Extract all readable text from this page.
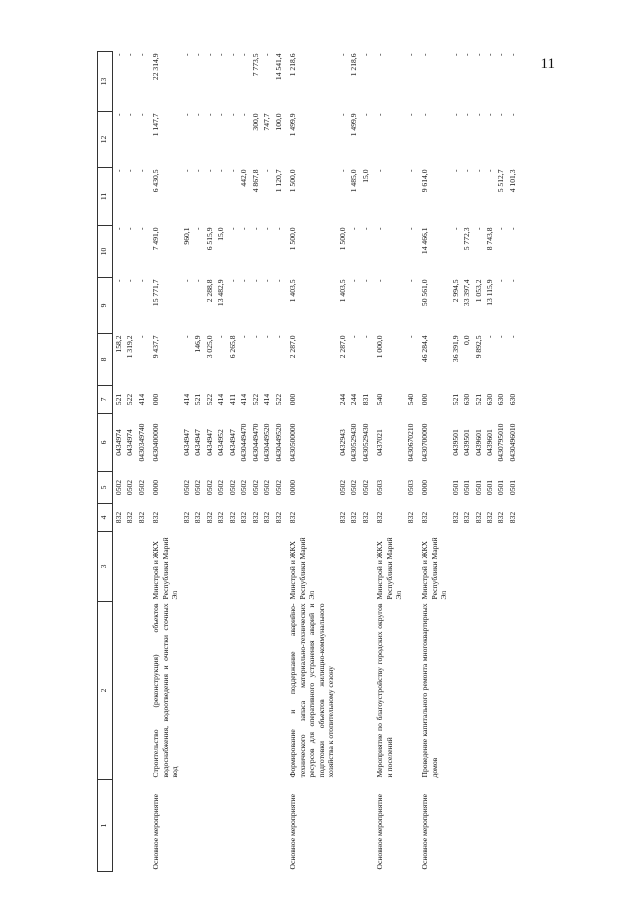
11
1	2	3	4	5	6	7	8	9	10	11	12	13
			832	0502	0434974	521	158,2	-	-	-	-	-
			832	0502	0434974	522	1 319,2	-	-	-	-	-
			832	0502	0430349740	414	-	-	-	-	-	-
Основное мероприятие	Строительство (реконструкция) объектов водоснабжения, водоотведения и очистки сточных вод	Минстрой и ЖКХ Республики Марий Эл	832	0000	0430400000	000	9 437,7	15 771,7	7 491,0	6 430,5	1 147,7	22 314,9
			832	0502	0434947	414	-	-	960,1	-	-	-
			832	0502	0434947	521	146,9	-	-	-	-	-
			832	0502	0434947	522	3 025,0	2 288,8	6 515,9	-	-	-
			832	0502	0434952	414	-	13 482,9	15,0	-	-	-
			832	0502	0434947	411	6 265,8	-	-	-	-	-
			832	0502	0430449470	414	-	-	-	442,0	-	-
			832	0502	0430449470	522	-	-	-	4 867,8	300,0	7 773,5
			832	0502	0430449520	414	-	-	-	-	747,7	-
			832	0502	0430449520	522	-	-	-	1 120,7	100,0	14 541,4
Основное мероприятие	Формирование и поддержание аварийно-технического запаса материально-технических ресурсов для оперативного устранения аварий и подготовки объектов жилищно-коммунального хозяйства к отопительному сезону	Минстрой и ЖКХ Республики Марий Эл	832	0000	0430500000	000	2 287,0	1 403,5	1 500,0	1 500,0	1 499,9	1 218,6
			832	0502	0432943	244	2 287,0	1 403,5	1 500,0	-	-	-
			832	0502	0430529430	244	-	-	-	1 485,0	1 499,9	1 218,6
			832	0502	0430529430	831	-	-	-	15,0	-	-
Основное мероприятие	Мероприятие по благоустройству городских округов и поселений	Минстрой и ЖКХ Республики Марий Эл	832	0503	0437021	540	1 000,0	-	-	-	-	-
			832	0503	0430670210	540	-	-	-	-	-	-
Основное мероприятие	Проведение капитального ремонта многоквартирных домов	Минстрой и ЖКХ Республики Марий Эл	832	0000	0430700000	000	46 284,4	50 561,0	14 466,1	9 614,0	-	-
			832	0501	0439501	521	36 391,9	2 994,5	-	-	-	-
			832	0501	0439501	630	0,0	33 397,4	5 772,3	-	-	-
			832	0501	0439601	521	9 892,5	1 053,2	-	-	-	-
			832	0501	0439601	630	-	13 115,9	8 743,8	-	-	-
			832	0501	0430795010	630	-	-	-	5 512,7	-	-
			832	0501	0430496010	630	-	-	-	4 101,3	-	-
